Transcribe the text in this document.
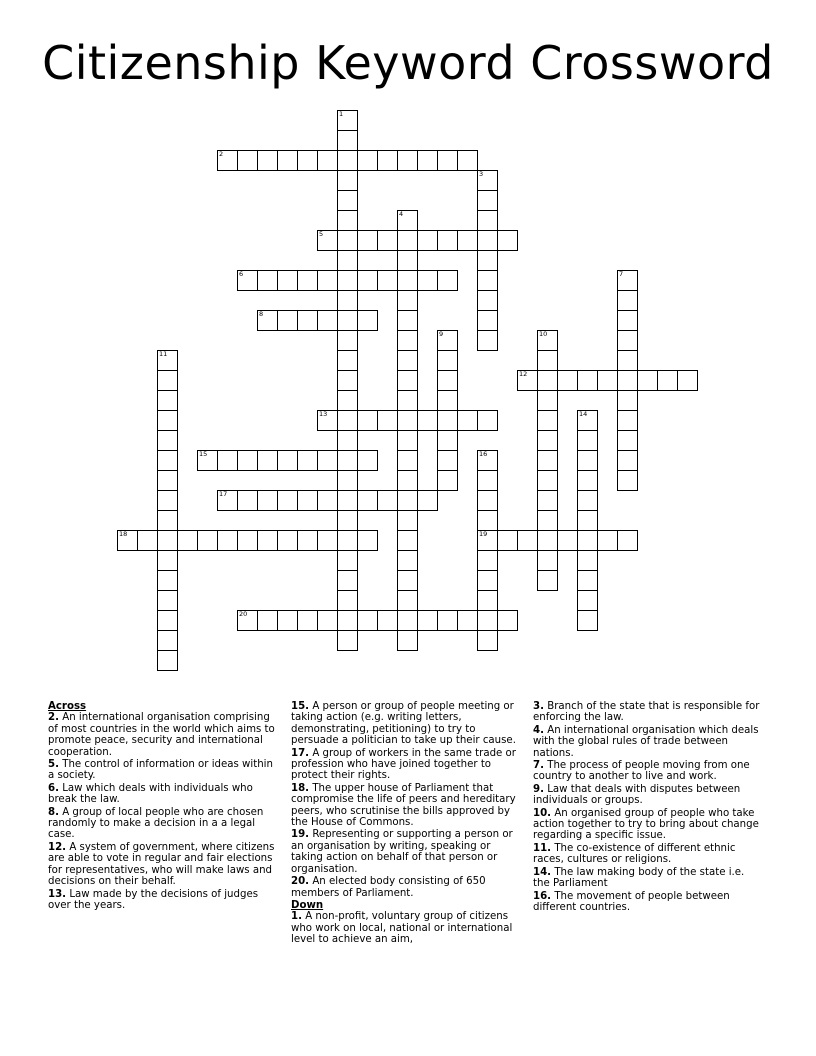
Citizenship Keyword Crossword
1
2
3
4
5
6	7
8
9	10
11
12
13	14
15	16
19
17
18
20
Across
2. An international organisation comprising of most countries in the world which aims to promote peace, security and international cooperation.
5. The control of information or ideas within a society.
6. Law which deals with individuals who break the law.
8. A group of local people who are chosen randomly to make a decision in a a legal case.
12. A system of government, where citizens are able to vote in regular and fair elections for representatives, who will make laws and decisions on their behalf.
13. Law made by the decisions of judges over the years.
15. A person or group of people meeting or taking action (e.g. writing letters, demonstrating, petitioning) to try to persuade a politician to take up their cause.
17. A group of workers in the same trade or profession who have joined together to protect their rights.
18. The upper house of Parliament that compromise the life of peers and hereditary peers, who scrutinise the bills approved by the House of Commons.
19. Representing or supporting a person or an organisation by writing, speaking or taking action on behalf of that person or organisation.
20. An elected body consisting of 650 members of Parliament.
Down
1. A non-profit, voluntary group of citizens who work on local, national or international level to achieve an aim,
3. Branch of the state that is responsible for enforcing the law.
4. An international organisation which deals with the global rules of trade between nations.
7. The process of people moving from one country to another to live and work.
9. Law that deals with disputes between individuals or groups.
10. An organised group of people who take action together to try to bring about change regarding a specific issue.
11. The co-existence of different ethnic races, cultures or religions.
14. The law making body of the state i.e. the Parliament
16. The movement of people between different countries.
